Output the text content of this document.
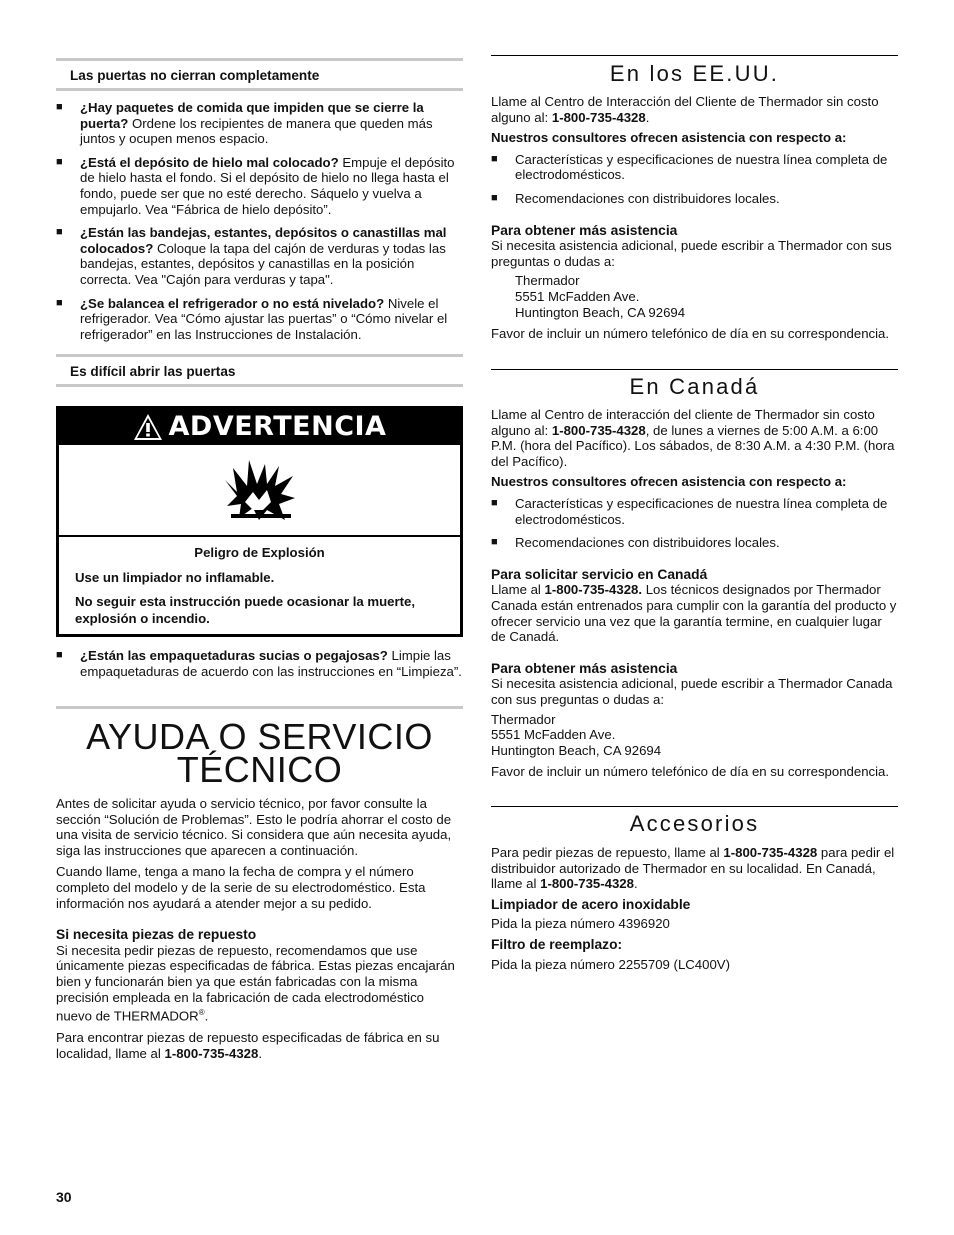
Las puertas no cierran completamente
■ ¿Hay paquetes de comida que impiden que se cierre la puerta? Ordene los recipientes de manera que queden más juntos y ocupen menos espacio.
■ ¿Está el depósito de hielo mal colocado? Empuje el depósito de hielo hasta el fondo. Si el depósito de hielo no llega hasta el fondo, puede ser que no esté derecho. Sáquelo y vuelva a empujarlo. Vea “Fábrica de hielo depósito”.
■ ¿Están las bandejas, estantes, depósitos o canastillas mal colocados? Coloque la tapa del cajón de verduras y todas las bandejas, estantes, depósitos y canastillas en la posición correcta. Vea "Cajón para verduras y tapa".
■ ¿Se balancea el refrigerador o no está nivelado? Nivele el refrigerador. Vea “Cómo ajustar las puertas” o “Cómo nivelar el refrigerador” en las Instrucciones de Instalación.
Es difícil abrir las puertas
ADVERTENCIA

Peligro de Explosión

Use un limpiador no inflamable.

No seguir esta instrucción puede ocasionar la muerte, explosión o incendio.

■ ¿Están las empaquetaduras sucias o pegajosas? Limpie las empaquetaduras de acuerdo con las instrucciones en “Limpieza”.
AYUDA O SERVICIO
TÉCNICO

Antes de solicitar ayuda o servicio técnico, por favor consulte la sección “Solución de Problemas”. Esto le podría ahorrar el costo de una visita de servicio técnico. Si considera que aún necesita ayuda, siga las instrucciones que aparecen a continuación.

Cuando llame, tenga a mano la fecha de compra y el número completo del modelo y de la serie de su electrodoméstico. Esta información nos ayudará a atender mejor a su pedido.

Si necesita piezas de repuesto

Si necesita pedir piezas de repuesto, recomendamos que use únicamente piezas especificadas de fábrica. Estas piezas encajarán bien y funcionarán bien ya que están fabricadas con la misma precisión empleada en la fabricación de cada electrodoméstico nuevo de THERMADOR®.

Para encontrar piezas de repuesto especificadas de fábrica en su localidad, llame al 1-800-735-4328.

30
En los EE.UU.

Llame al Centro de Interacción del Cliente de Thermador sin costo alguno al: 1-800-735-4328.

Nuestros consultores ofrecen asistencia con respecto a:

■ Características y especificaciones de nuestra línea completa de electrodomésticos.
■ Recomendaciones con distribuidores locales.

Para obtener más asistencia

Si necesita asistencia adicional, puede escribir a Thermador con sus preguntas o dudas a:

Thermador

5551 McFadden Ave.

Huntington Beach, CA 92694

Favor de incluir un número telefónico de día en su correspondencia.

En Canadá

Llame al Centro de interacción del cliente de Thermador sin costo alguno al: 1-800-735-4328, de lunes a viernes de 5:00 A.M. a 6:00 P.M. (hora del Pacífico). Los sábados, de 8:30 A.M. a 4:30 P.M. (hora del Pacífico).

Nuestros consultores ofrecen asistencia con respecto a:

■ Características y especificaciones de nuestra línea completa de electrodomésticos.
■ Recomendaciones con distribuidores locales.

Para solicitar servicio en Canadá

Llame al 1-800-735-4328. Los técnicos designados por Thermador Canada están entrenados para cumplir con la garantía del producto y ofrecer servicio una vez que la garantía termine, en cualquier lugar de Canadá.

Para obtener más asistencia

Si necesita asistencia adicional, puede escribir a Thermador Canada con sus preguntas o dudas a:

Thermador

5551 McFadden Ave.

Huntington Beach, CA 92694

Favor de incluir un número telefónico de día en su correspondencia.

Accesorios

Para pedir piezas de repuesto, llame al 1-800-735-4328 para pedir el distribuidor autorizado de Thermador en su localidad. En Canadá, llame al 1-800-735-4328.

Limpiador de acero inoxidable

Pida la pieza número 4396920

Filtro de reemplazo:

Pida la pieza número 2255709 (LC400V)
